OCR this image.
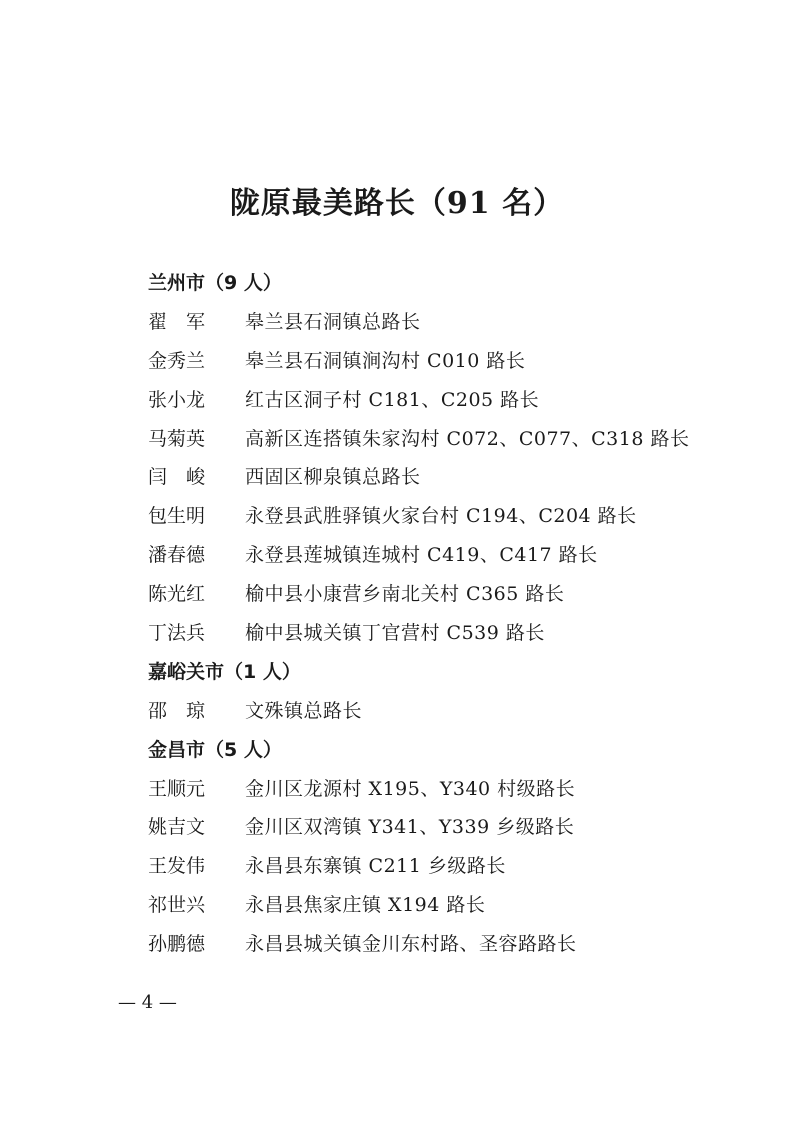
陇原最美路长（91 名）
兰州市（9 人）
翟　军	皋兰县石洞镇总路长
金秀兰	皋兰县石洞镇涧沟村 C010 路长
张小龙	红古区洞子村 C181、C205 路长
马菊英	高新区连搭镇朱家沟村 C072、C077、C318 路长
闫　峻	西固区柳泉镇总路长
包生明	永登县武胜驿镇火家台村 C194、C204 路长
潘春德	永登县莲城镇连城村 C419、C417 路长
陈光红	榆中县小康营乡南北关村 C365 路长
丁法兵	榆中县城关镇丁官营村 C539 路长
嘉峪关市（1 人）
邵　琼	文殊镇总路长
金昌市（5 人）
王顺元	金川区龙源村 X195、Y340 村级路长
姚吉文	金川区双湾镇 Y341、Y339 乡级路长
王发伟	永昌县东寨镇 C211 乡级路长
祁世兴	永昌县焦家庄镇 X194 路长
孙鹏德	永昌县城关镇金川东村路、圣容路路长
— 4 —
